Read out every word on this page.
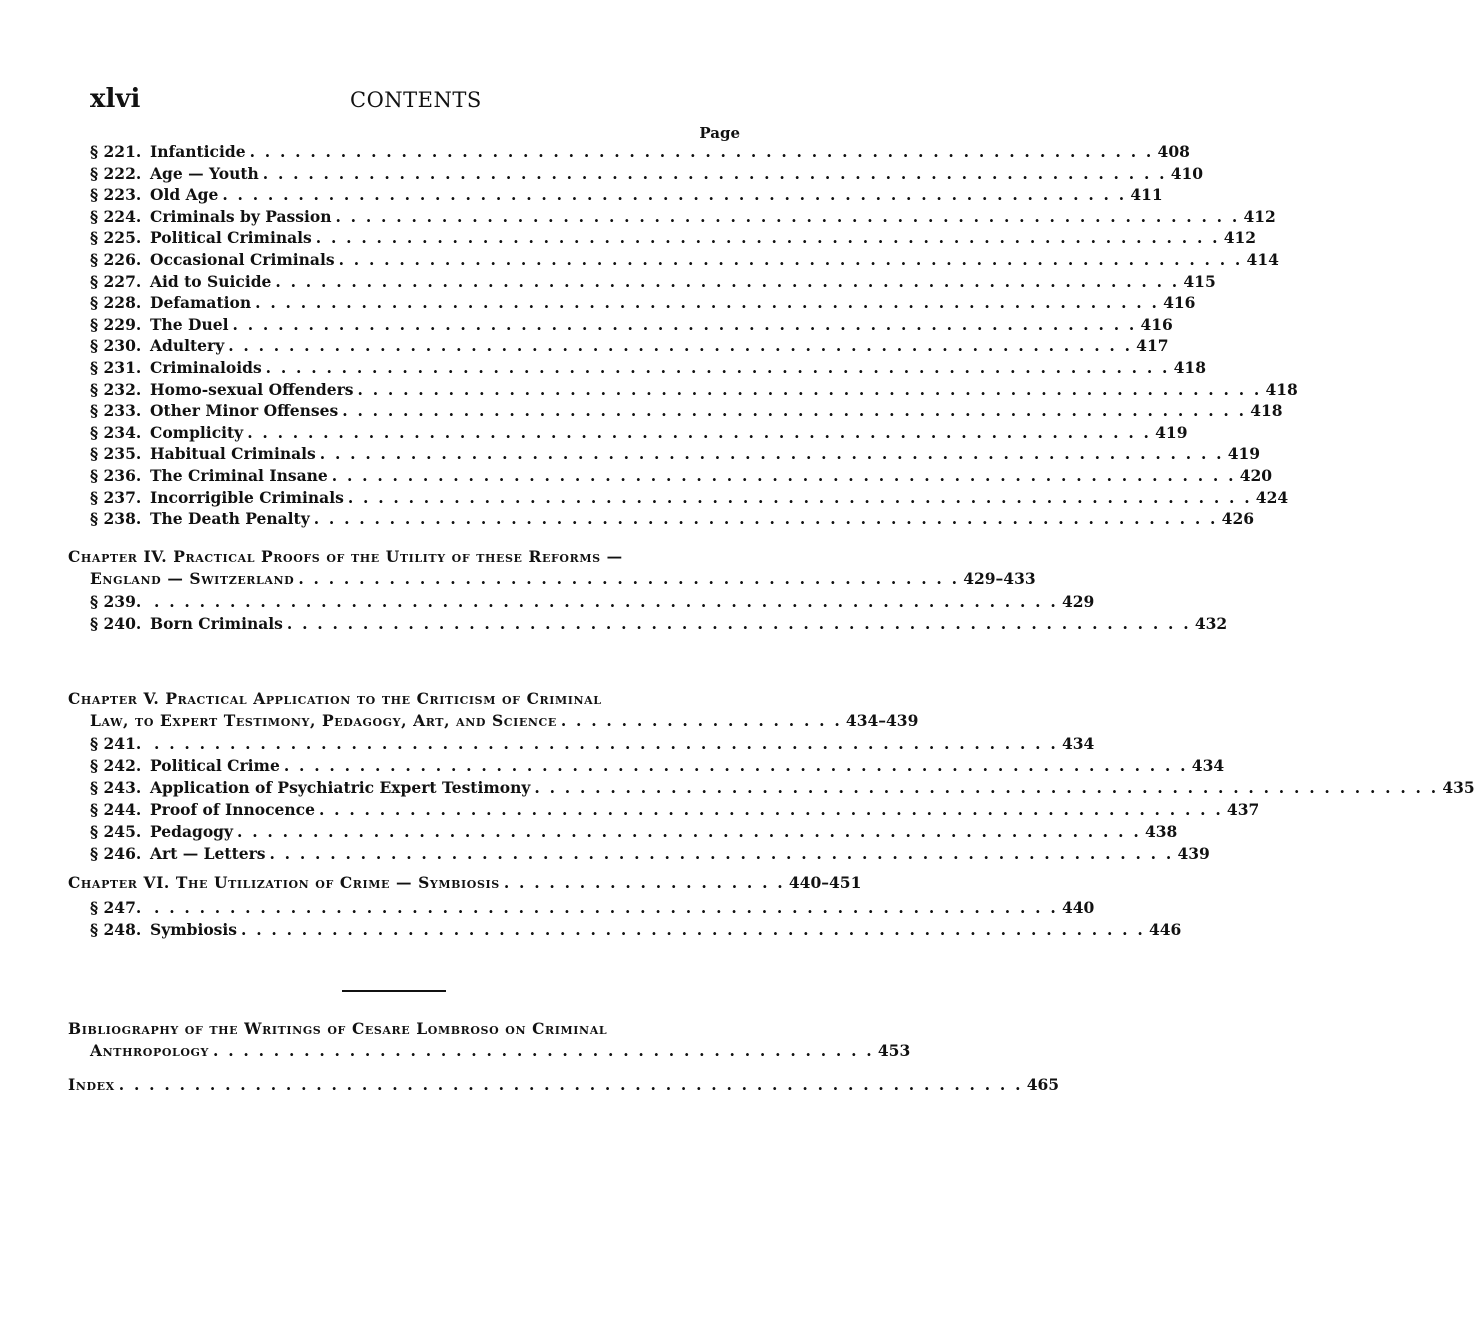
xlvi	CONTENTS
Page
§ 221. Infanticide . . . . . . . . . . . . . . . . . . . . . . . . . . . . . . . . . . . . . . . . . . . . . . . . . . . . . . . . . . . . 408
§ 222. Age — Youth . . . . . . . . . . . . . . . . . . . . . . . . . . . . . . . . . . . . . . . . . . . . . . . . . . . . . . . . . . . . 410
§ 223. Old Age . . . . . . . . . . . . . . . . . . . . . . . . . . . . . . . . . . . . . . . . . . . . . . . . . . . . . . . . . . . . 411
§ 224. Criminals by Passion . . . . . . . . . . . . . . . . . . . . . . . . . . . . . . . . . . . . . . . . . . . . . . . . . . . . . . . . . . . . 412
§ 225. Political Criminals . . . . . . . . . . . . . . . . . . . . . . . . . . . . . . . . . . . . . . . . . . . . . . . . . . . . . . . . . . . . 412
§ 226. Occasional Criminals . . . . . . . . . . . . . . . . . . . . . . . . . . . . . . . . . . . . . . . . . . . . . . . . . . . . . . . . . . . . 414
§ 227. Aid to Suicide . . . . . . . . . . . . . . . . . . . . . . . . . . . . . . . . . . . . . . . . . . . . . . . . . . . . . . . . . . . . 415
§ 228. Defamation . . . . . . . . . . . . . . . . . . . . . . . . . . . . . . . . . . . . . . . . . . . . . . . . . . . . . . . . . . . . 416
§ 229. The Duel . . . . . . . . . . . . . . . . . . . . . . . . . . . . . . . . . . . . . . . . . . . . . . . . . . . . . . . . . . . . 416
§ 230. Adultery . . . . . . . . . . . . . . . . . . . . . . . . . . . . . . . . . . . . . . . . . . . . . . . . . . . . . . . . . . . . 417
§ 231. Criminaloids . . . . . . . . . . . . . . . . . . . . . . . . . . . . . . . . . . . . . . . . . . . . . . . . . . . . . . . . . . . . 418
§ 232. Homo-sexual Offenders . . . . . . . . . . . . . . . . . . . . . . . . . . . . . . . . . . . . . . . . . . . . . . . . . . . . . . . . . . . . 418
§ 233. Other Minor Offenses . . . . . . . . . . . . . . . . . . . . . . . . . . . . . . . . . . . . . . . . . . . . . . . . . . . . . . . . . . . . 418
§ 234. Complicity . . . . . . . . . . . . . . . . . . . . . . . . . . . . . . . . . . . . . . . . . . . . . . . . . . . . . . . . . . . . 419
§ 235. Habitual Criminals . . . . . . . . . . . . . . . . . . . . . . . . . . . . . . . . . . . . . . . . . . . . . . . . . . . . . . . . . . . . 419
§ 236. The Criminal Insane . . . . . . . . . . . . . . . . . . . . . . . . . . . . . . . . . . . . . . . . . . . . . . . . . . . . . . . . . . . . 420
§ 237. Incorrigible Criminals . . . . . . . . . . . . . . . . . . . . . . . . . . . . . . . . . . . . . . . . . . . . . . . . . . . . . . . . . . . . 424
§ 238. The Death Penalty . . . . . . . . . . . . . . . . . . . . . . . . . . . . . . . . . . . . . . . . . . . . . . . . . . . . . . . . . . . . 426
Chapter IV. Practical Proofs of the Utility of these Reforms —
England — Switzerland . . . . . . . . . . . . . . . . . . . . . . . . . . . . . . . . . . . . . . . . . . . . 429–433
§ 239. . . . . . . . . . . . . . . . . . . . . . . . . . . . . . . . . . . . . . . . . . . . . . . . . . . . . . . . . . . . . 429
§ 240. Born Criminals . . . . . . . . . . . . . . . . . . . . . . . . . . . . . . . . . . . . . . . . . . . . . . . . . . . . . . . . . . . . 432
Chapter V. Practical Application to the Criticism of Criminal
Law, to Expert Testimony, Pedagogy, Art, and Science . . . . . . . . . . . . . . . . . . . 434–439
§ 241. . . . . . . . . . . . . . . . . . . . . . . . . . . . . . . . . . . . . . . . . . . . . . . . . . . . . . . . . . . . . 434
§ 242. Political Crime . . . . . . . . . . . . . . . . . . . . . . . . . . . . . . . . . . . . . . . . . . . . . . . . . . . . . . . . . . . . 434
§ 243. Application of Psychiatric Expert Testimony . . . . . . . . . . . . . . . . . . . . . . . . . . . . . . . . . . . . . . . . . . . . . . . . . . . . . . . . . . . . 435
§ 244. Proof of Innocence . . . . . . . . . . . . . . . . . . . . . . . . . . . . . . . . . . . . . . . . . . . . . . . . . . . . . . . . . . . . 437
§ 245. Pedagogy . . . . . . . . . . . . . . . . . . . . . . . . . . . . . . . . . . . . . . . . . . . . . . . . . . . . . . . . . . . . 438
§ 246. Art — Letters . . . . . . . . . . . . . . . . . . . . . . . . . . . . . . . . . . . . . . . . . . . . . . . . . . . . . . . . . . . . 439
Chapter VI. The Utilization of Crime — Symbiosis . . . . . . . . . . . . . . . . . . . 440–451
§ 247. . . . . . . . . . . . . . . . . . . . . . . . . . . . . . . . . . . . . . . . . . . . . . . . . . . . . . . . . . . . . 440
§ 248. Symbiosis . . . . . . . . . . . . . . . . . . . . . . . . . . . . . . . . . . . . . . . . . . . . . . . . . . . . . . . . . . . . 446
Bibliography of the Writings of Cesare Lombroso on Criminal
Anthropology . . . . . . . . . . . . . . . . . . . . . . . . . . . . . . . . . . . . . . . . . . . . 453
Index . . . . . . . . . . . . . . . . . . . . . . . . . . . . . . . . . . . . . . . . . . . . . . . . . . . . . . . . . . . . 465
